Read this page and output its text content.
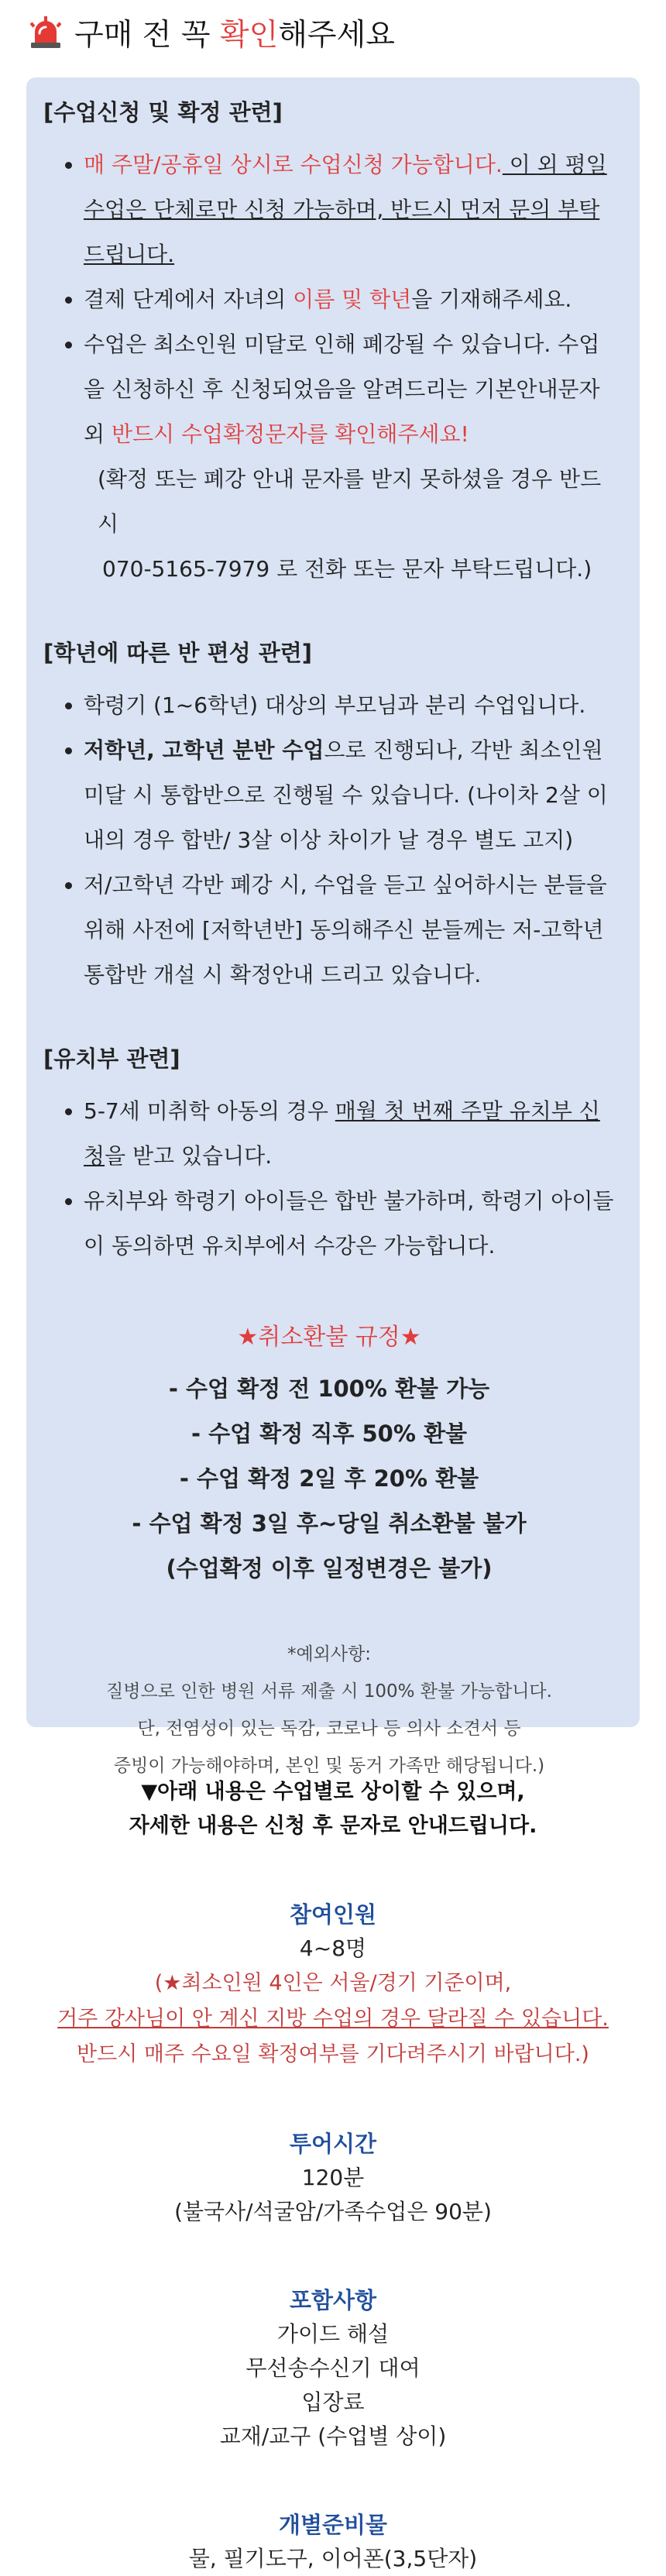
구매 전 꼭 확인해주세요
[수업신청 및 확정 관련]
• 매 주말/공휴일 상시로 수업신청 가능합니다. 이 외 평일 수업은 단체로만 신청 가능하며, 반드시 먼저 문의 부탁드립니다.
• 결제 단계에서 자녀의 이름 및 학년을 기재해주세요.
• 수업은 최소인원 미달로 인해 폐강될 수 있습니다. 수업을 신청하신 후 신청되었음을 알려드리는 기본안내문자 외 반드시 수업확정문자를 확인해주세요!

(확정 또는 폐강 안내 문자를 받지 못하셨을 경우 반드시

070-5165-7979 로 전화 또는 문자 부탁드립니다.)

[학년에 따른 반 편성 관련]
• 학령기 (1~6학년) 대상의 부모님과 분리 수업입니다.
• 저학년, 고학년 분반 수업으로 진행되나, 각반 최소인원 미달 시 통합반으로 진행될 수 있습니다. (나이차 2살 이내의 경우 합반/ 3살 이상 차이가 날 경우 별도 고지)
• 저/고학년 각반 폐강 시, 수업을 듣고 싶어하시는 분들을 위해 사전에 [저학년반] 동의해주신 분들께는 저-고학년 통합반 개설 시 확정안내 드리고 있습니다.
[유치부 관련]
• 5-7세 미취학 아동의 경우 매월 첫 번째 주말 유치부 신청을 받고 있습니다.
• 유치부와 학령기 아이들은 합반 불가하며, 학령기 아이들이 동의하면 유치부에서 수강은 가능합니다.
★취소환불 규정★
- 수업 확정 전 100% 환불 가능
- 수업 확정 직후 50% 환불
- 수업 확정 2일 후 20% 환불
- 수업 확정 3일 후~당일 취소환불 불가
(수업확정 이후 일정변경은 불가)
*예외사항:
질병으로 인한 병원 서류 제출 시 100% 환불 가능합니다.
단, 전염성이 있는 독감, 코로나 등 의사 소견서 등
증빙이 가능해야하며, 본인 및 동거 가족만 해당됩니다.)
▼아래 내용은 수업별로 상이할 수 있으며,
자세한 내용은 신청 후 문자로 안내드립니다.
참여인원
4~8명
(★최소인원 4인은 서울/경기 기준이며,
거주 강사님이 안 계신 지방 수업의 경우 달라질 수 있습니다.
반드시 매주 수요일 확정여부를 기다려주시기 바랍니다.)
투어시간
120분
(불국사/석굴암/가족수업은 90분)
포함사항
가이드 해설
무선송수신기 대여
입장료
교재/교구 (수업별 상이)
개별준비물
물, 필기도구, 이어폰(3,5단자)
